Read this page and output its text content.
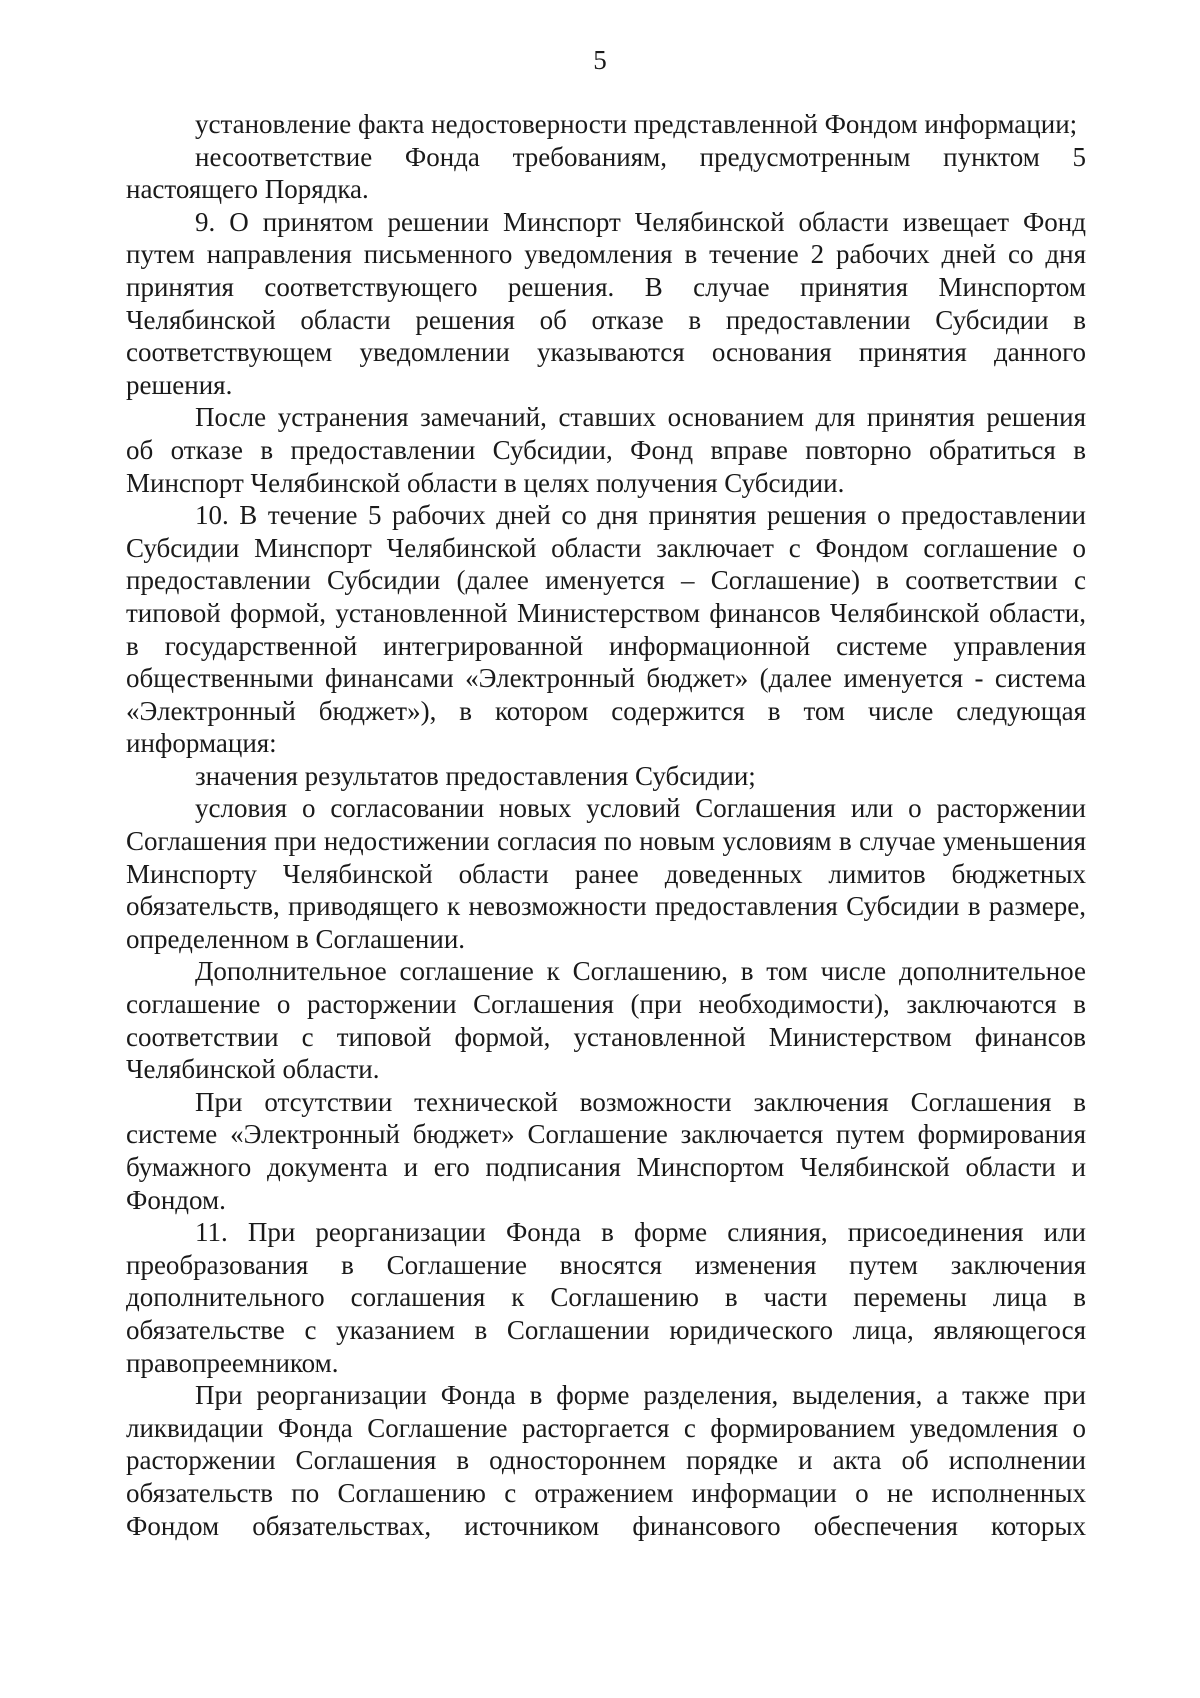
5

установление факта недостоверности представленной Фондом информации;

несоответствие Фонда требованиям, предусмотренным пунктом 5 настоящего Порядка.

9. О принятом решении Минспорт Челябинской области извещает Фонд путем направления письменного уведомления в течение 2 рабочих дней со дня принятия соответствующего решения. В случае принятия Минспортом Челябинской области решения об отказе в предоставлении Субсидии в соответствующем уведомлении указываются основания принятия данного решения.

После устранения замечаний, ставших основанием для принятия решения об отказе в предоставлении Субсидии, Фонд вправе повторно обратиться в Минспорт Челябинской области в целях получения Субсидии.

10. В течение 5 рабочих дней со дня принятия решения о предоставлении Субсидии Минспорт Челябинской области заключает с Фондом соглашение о предоставлении Субсидии (далее именуется – Соглашение) в соответствии с типовой формой, установленной Министерством финансов Челябинской области, в государственной интегрированной информационной системе управления общественными финансами «Электронный бюджет» (далее именуется - система «Электронный бюджет»), в котором содержится в том числе следующая информация:

значения результатов предоставления Субсидии;

условия о согласовании новых условий Соглашения или о расторжении Соглашения при недостижении согласия по новым условиям в случае уменьшения Минспорту Челябинской области ранее доведенных лимитов бюджетных обязательств, приводящего к невозможности предоставления Субсидии в размере, определенном в Соглашении.

Дополнительное соглашение к Соглашению, в том числе дополнительное соглашение о расторжении Соглашения (при необходимости), заключаются в соответствии с типовой формой, установленной Министерством финансов Челябинской области.

При отсутствии технической возможности заключения Соглашения в системе «Электронный бюджет» Соглашение заключается путем формирования бумажного документа и его подписания Минспортом Челябинской области и Фондом.

11. При реорганизации Фонда в форме слияния, присоединения или преобразования в Соглашение вносятся изменения путем заключения дополнительного соглашения к Соглашению в части перемены лица в обязательстве с указанием в Соглашении юридического лица, являющегося правопреемником.

При реорганизации Фонда в форме разделения, выделения, а также при ликвидации Фонда Соглашение расторгается с формированием уведомления о расторжении Соглашения в одностороннем порядке и акта об исполнении обязательств по Соглашению с отражением информации о не исполненных Фондом обязательствах, источником финансового обеспечения которых
